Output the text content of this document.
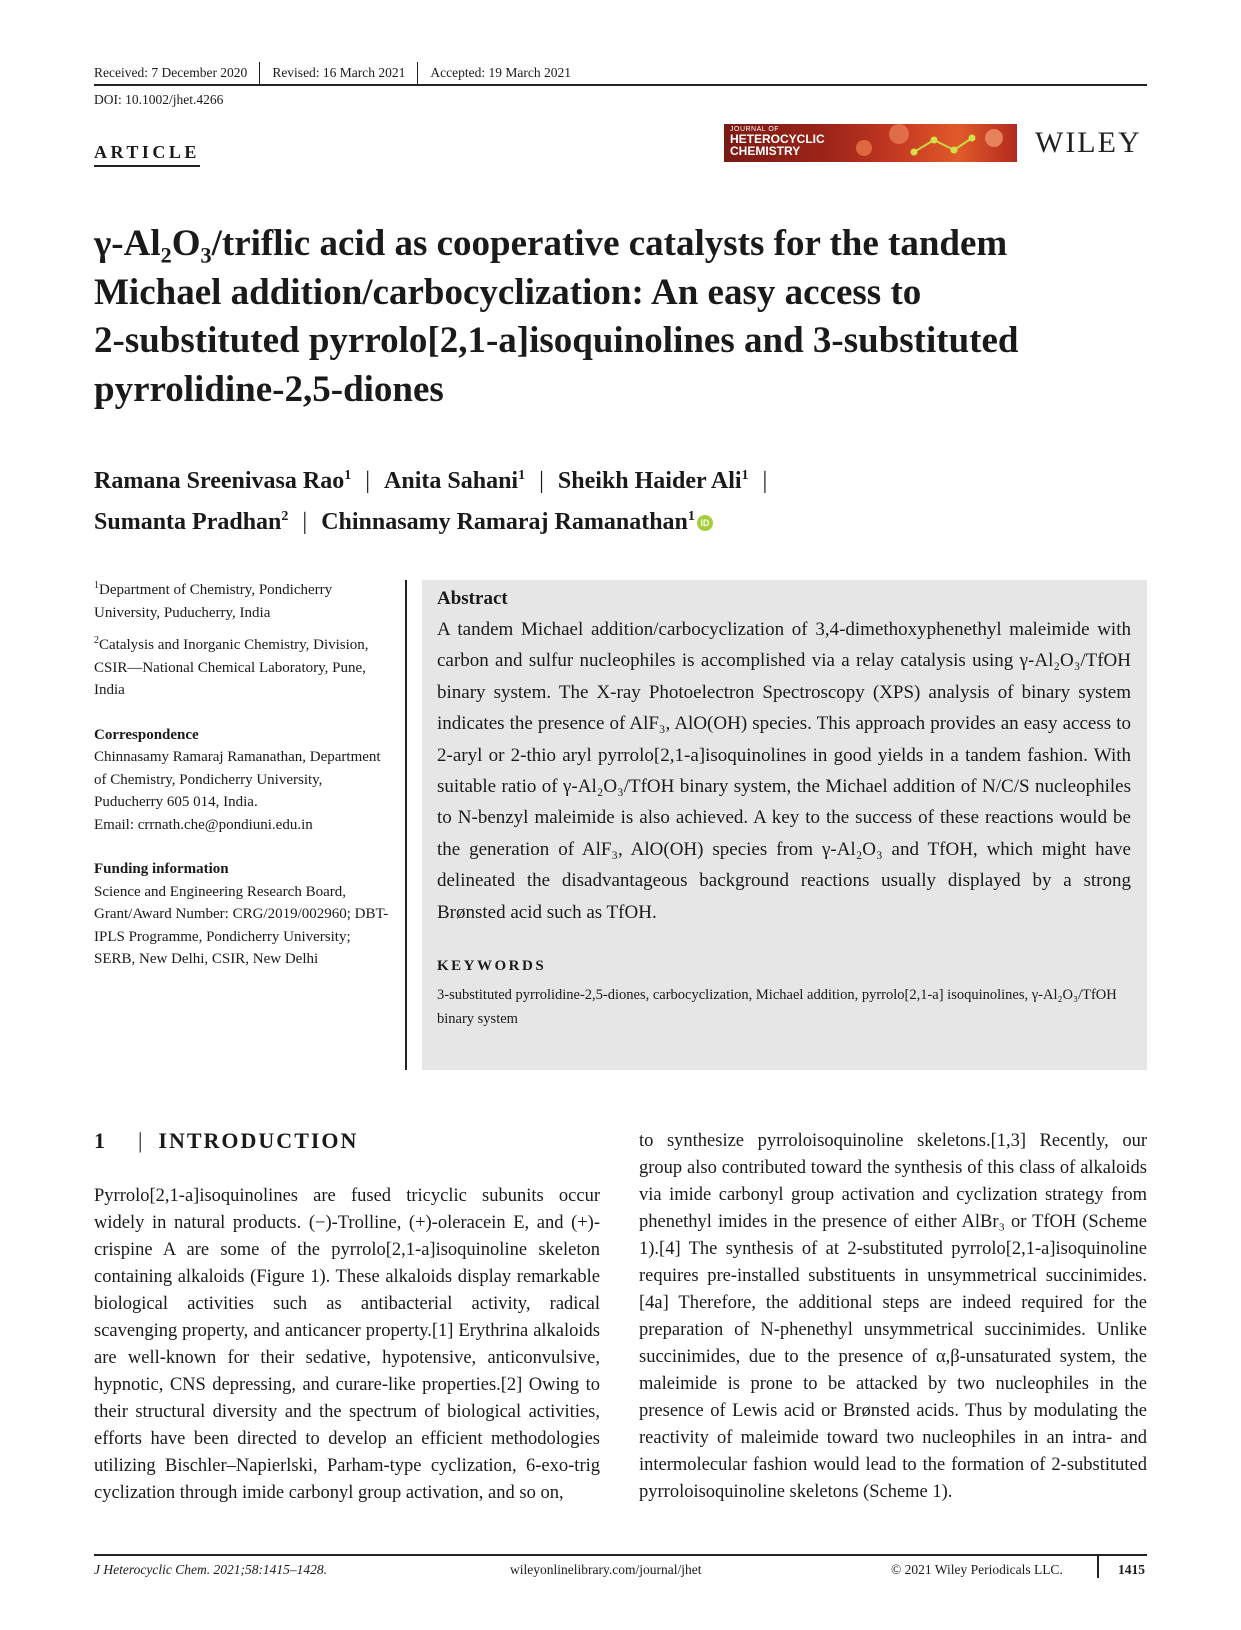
Received: 7 December 2020	Revised: 16 March 2021	Accepted: 19 March 2021
DOI: 10.1002/jhet.4266
ARTICLE
JOURNAL OF
HETEROCYCLIC CHEMISTRY	WILEY

γ-Al₂O₃/triflic acid as cooperative catalysts for the tandem

Michael addition/carbocyclization: An easy access to

2-substituted pyrrolo[2,1-a]isoquinolines and 3-substituted

pyrrolidine-2,5-diones

Ramana Sreenivasa Rao$^1$ | Anita Sahani$^1$ | Sheikh Haider Ali$^1$ |
Sumanta Pradhan$^2$ | Chinnasamy Ramaraj Ramanathan$^1$ iD

$^1$Department of Chemistry, Pondicherry University, Puducherry, India

$^2$Catalysis and Inorganic Chemistry, Division, CSIR—National Chemical Laboratory, Pune, India

Correspondence

Chinnasamy Ramaraj Ramanathan, Department of Chemistry, Pondicherry University, Puducherry 605 014, India.

Email: crrnath.che@pondiuni.edu.in

Funding information

Science and Engineering Research Board, Grant/Award Number: CRG/2019/002960; DBT-IPLS Programme, Pondicherry University; SERB, New Delhi, CSIR, New Delhi

Abstract

A tandem Michael addition/carbocyclization of 3,4-dimethoxyphenethyl maleimide with carbon and sulfur nucleophiles is accomplished via a relay catalysis using γ-Al₂O₃/TfOH binary system. The X-ray Photoelectron Spectroscopy (XPS) analysis of binary system indicates the presence of AlF₃, AlO(OH) species. This approach provides an easy access to 2-aryl or 2-thio aryl pyrrolo[2,1-a]isoquinolines in good yields in a tandem fashion. With suitable ratio of γ-Al₂O₃/TfOH binary system, the Michael addition of N/C/S nucleophiles to N-benzyl maleimide is also achieved. A key to the success of these reactions would be the generation of AlF₃, AlO(OH) species from γ-Al₂O₃ and TfOH, which might have delineated the disadvantageous background reactions usually displayed by a strong Brønsted acid such as TfOH.

KEYWORDS

3-substituted pyrrolidine-2,5-diones, carbocyclization, Michael addition, pyrrolo[2,1-a] isoquinolines, γ-Al₂O₃/TfOH binary system

1 | INTRODUCTION

Pyrrolo[2,1-a]isoquinolines are fused tricyclic subunits occur widely in natural products. (−)-Trolline, (+)-oleracein E, and (+)-crispine A are some of the pyrrolo[2,1-a]isoquinoline skeleton containing alkaloids (Figure 1). These alkaloids display remarkable biological activities such as antibacterial activity, radical scavenging property, and anticancer property.[1] Erythrina alkaloids are well-known for their sedative, hypotensive, anticonvulsive, hypnotic, CNS depressing, and curare-like properties.[2] Owing to their structural diversity and the spectrum of biological activities, efforts have been directed to develop an efficient methodologies utilizing Bischler–Napierlski, Parham-type cyclization, 6-exo-trig cyclization through imide carbonyl group activation, and so on,

to synthesize pyrroloisoquinoline skeletons.[1,3] Recently, our group also contributed toward the synthesis of this class of alkaloids via imide carbonyl group activation and cyclization strategy from phenethyl imides in the presence of either AlBr₃ or TfOH (Scheme 1).[4] The synthesis of at 2-substituted pyrrolo[2,1-a]isoquinoline requires pre-installed substituents in unsymmetrical succinimides.[4a] Therefore, the additional steps are indeed required for the preparation of N-phenethyl unsymmetrical succinimides. Unlike succinimides, due to the presence of α,β-unsaturated system, the maleimide is prone to be attacked by two nucleophiles in the presence of Lewis acid or Brønsted acids. Thus by modulating the reactivity of maleimide toward two nucleophiles in an intra- and intermolecular fashion would lead to the formation of 2-substituted pyrroloisoquinoline skeletons (Scheme 1).

J Heterocyclic Chem. 2021;58:1415–1428.	wileyonlinelibrary.com/journal/jhet	© 2021 Wiley Periodicals LLC.	1415
